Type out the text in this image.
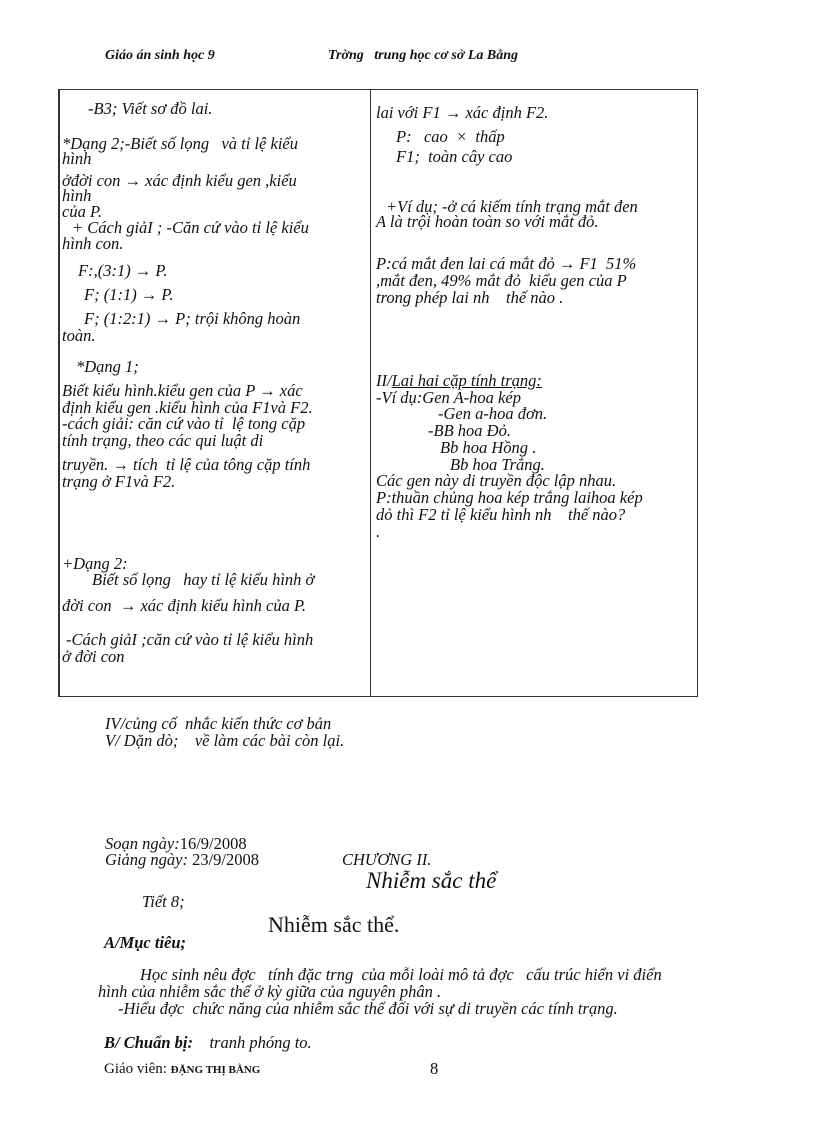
Giáo án sinh học 9	Trờng   trung học cơ sở La Bằng
-B3; Viết sơ đồ lai.
*Dạng 2;-Biết số lọng   và tỉ lệ kiểu
hình
ởđời con → xác định kiểu gen ,kiểu
hình
của P.
+ Cách giảI ; -Căn cứ vào tỉ lệ kiểu
hình con.
F:,(3:1) → P.
F; (1:1) → P.
F; (1:2:1) → P; trội không hoàn
toàn.
*Dạng 1;
Biết kiểu hình.kiểu gen của P → xác
định kiểu gen .kiểu hình của F1và F2.
-cách giải: căn cứ vào tỉ  lệ tong cặp
tính trạng, theo các qui luật di
truyền. → tích  tỉ lệ của tông cặp tính
trạng ở F1và F2.
+Dạng 2:
Biết số lọng   hay tỉ lệ kiểu hình ở
đời con  → xác định kiểu hình của P.
-Cách giảI ;căn cứ vào tỉ lệ kiểu hình
ở đời con
lai với F1 → xác định F2.
P:   cao  ×  thấp
F1;  toàn cây cao
+Ví dụ; -ở cá kiếm tính trạng mắt đen
A là trội hoàn toàn so với mắt đỏ.
P:cá mắt đen lai cá mắt đỏ → F1  51%
,mắt đen, 49% mắt đỏ  kiểu gen của P
trong phép lai nh    thế nào .
II/Lai hai cặp tính trạng:
-Ví dụ:Gen A-hoa kép
-Gen a-hoa đơn.
-BB hoa Đỏ.
Bb hoa Hồng .
Bb hoa Trắng.
Các gen này di truyền độc lập nhau.
P:thuần chủng hoa kép trắng laihoa kép
dỏ thì F2 tỉ lệ kiểu hình nh    thế nào?
.
IV/củng cố  nhắc kiến thức cơ bản
V/ Dặn dò;    về làm các bài còn lại.
Soạn ngày:16/9/2008
Giảng ngày: 23/9/2008	CHƯƠNG II.
Nhiễm sắc thể
Tiết 8;
Nhiễm sắc thể.
A/Mục tiêu;
Học sinh nêu đợc   tính đặc trng  của mỗi loài mô tả đợc   cấu trúc hiển vi điển
hình của nhiễm sắc thể ở kỳ giữa của nguyên phân .
-Hiểu đợc  chức năng của nhiễm sắc thể đối với sự di truyền các tính trạng.
B/ Chuẩn bị: tranh phóng to.
Giáo viên: ĐẶNG THỊ BẰNG	8
